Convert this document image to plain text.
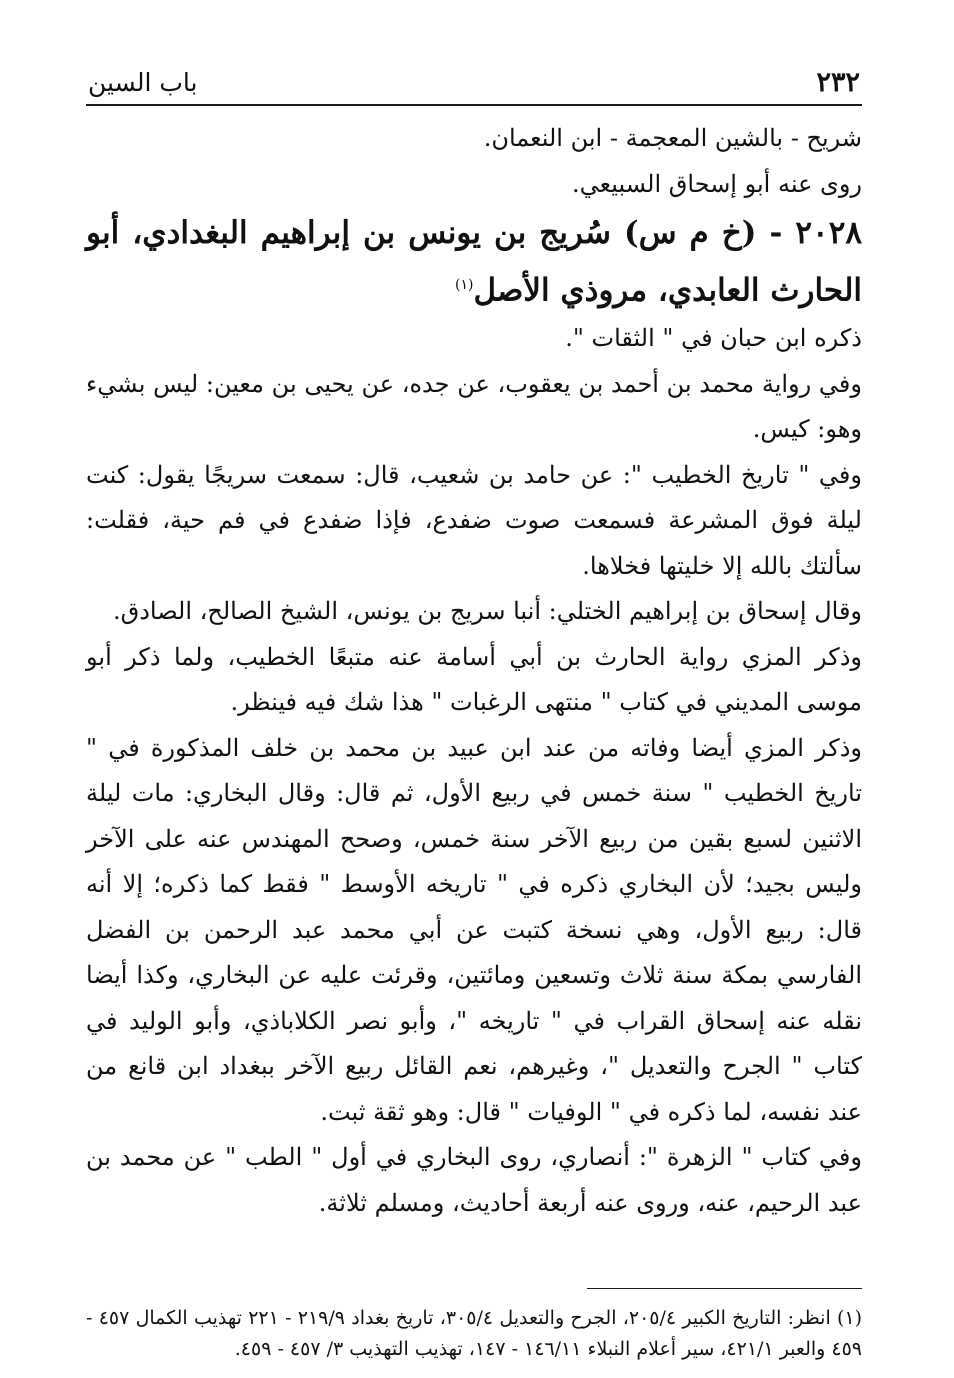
٢٣٢
باب السين

شريح - بالشين المعجمة - ابن النعمان.

روى عنه أبو إسحاق السبيعي.

٢٠٢٨ - (خ م س) سُريج بن يونس بن إبراهيم البغدادي، أبو الحارث العابدي، مروذي الأصل$^{(١)}$

ذكره ابن حبان في " الثقات ".

وفي رواية محمد بن أحمد بن يعقوب، عن جده، عن يحيى بن معين: ليس بشيء وهو: كيس.

وفي " تاريخ الخطيب ": عن حامد بن شعيب، قال: سمعت سريجًا يقول: كنت ليلة فوق المشرعة فسمعت صوت ضفدع، فإذا ضفدع في فم حية، فقلت: سألتك بالله إلا خليتها فخلاها.

وقال إسحاق بن إبراهيم الختلي: أنبا سريج بن يونس، الشيخ الصالح، الصادق.

وذكر المزي رواية الحارث بن أبي أسامة عنه متبعًا الخطيب، ولما ذكر أبو موسى المديني في كتاب " منتهى الرغبات " هذا شك فيه فينظر.

وذكر المزي أيضا وفاته من عند ابن عبيد بن محمد بن خلف المذكورة في " تاريخ الخطيب " سنة خمس في ربيع الأول، ثم قال: وقال البخاري: مات ليلة الاثنين لسبع بقين من ربيع الآخر سنة خمس، وصحح المهندس عنه على الآخر وليس بجيد؛ لأن البخاري ذكره في " تاريخه الأوسط " فقط كما ذكره؛ إلا أنه قال: ربيع الأول، وهي نسخة كتبت عن أبي محمد عبد الرحمن بن الفضل الفارسي بمكة سنة ثلاث وتسعين ومائتين، وقرئت عليه عن البخاري، وكذا أيضا نقله عنه إسحاق القراب في " تاريخه "، وأبو نصر الكلاباذي، وأبو الوليد في كتاب " الجرح والتعديل "، وغيرهم، نعم القائل ربيع الآخر ببغداد ابن قانع من عند نفسه، لما ذكره في " الوفيات " قال: وهو ثقة ثبت.

وفي كتاب " الزهرة ": أنصاري، روى البخاري في أول " الطب " عن محمد بن عبد الرحيم، عنه، وروى عنه أربعة أحاديث، ومسلم ثلاثة.

(١) انظر: التاريخ الكبير ٢٠٥/٤، الجرح والتعديل ٣٠٥/٤، تاريخ بغداد ٢١٩/٩ - ٢٢١ تهذيب الكمال ٤٥٧ - ٤٥٩ والعبر ٤٢١/١، سير أعلام النبلاء ١٤٦/١١ - ١٤٧، تهذيب التهذيب ٣/ ٤٥٧ - ٤٥٩.
